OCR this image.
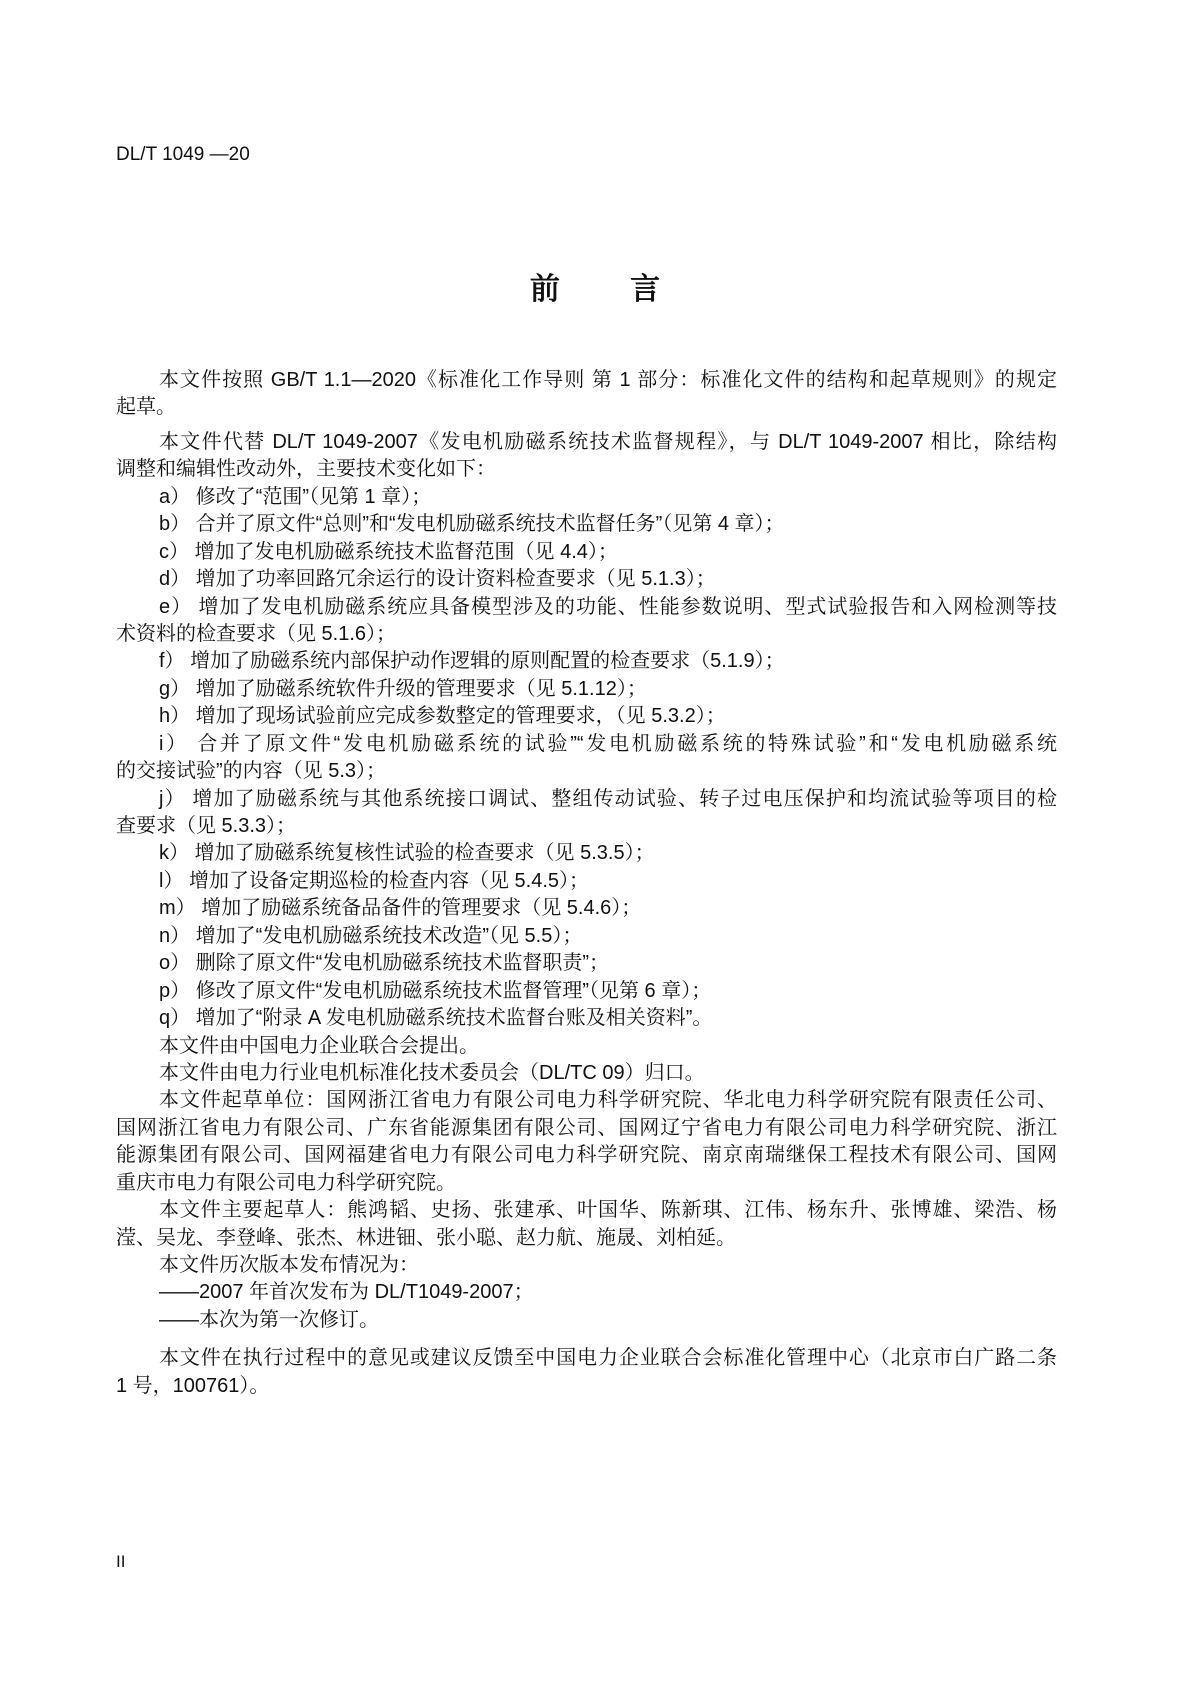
DL/T 1049 —20
前 言
本文件按照 GB/T 1.1—2020《标准化工作导则 第 1 部分：标准化文件的结构和起草规则》的规定
起草。
本文件代替 DL/T 1049-2007《发电机励磁系统技术监督规程》，与 DL/T 1049-2007 相比，除结构
调整和编辑性改动外，主要技术变化如下：
a） 修改了“范围”（见第 1 章）；
b） 合并了原文件“总则”和“发电机励磁系统技术监督任务”（见第 4 章）；
c） 增加了发电机励磁系统技术监督范围（见 4.4）；
d） 增加了功率回路冗余运行的设计资料检查要求（见 5.1.3）；
e） 增加了发电机励磁系统应具备模型涉及的功能、性能参数说明、型式试验报告和入网检测等技
术资料的检查要求（见 5.1.6）；
f） 增加了励磁系统内部保护动作逻辑的原则配置的检查要求（5.1.9）；
g） 增加了励磁系统软件升级的管理要求（见 5.1.12）；
h） 增加了现场试验前应完成参数整定的管理要求，（见 5.3.2）；
i） 合并了原文件“发电机励磁系统的试验”“发电机励磁系统的特殊试验”和“发电机励磁系统
的交接试验”的内容（见 5.3）；
j） 增加了励磁系统与其他系统接口调试、整组传动试验、转子过电压保护和均流试验等项目的检
查要求（见 5.3.3）；
k） 增加了励磁系统复核性试验的检查要求（见 5.3.5）；
l） 增加了设备定期巡检的检查内容（见 5.4.5）；
m） 增加了励磁系统备品备件的管理要求（见 5.4.6）；
n） 增加了“发电机励磁系统技术改造”（见 5.5）；
o） 删除了原文件“发电机励磁系统技术监督职责”；
p） 修改了原文件“发电机励磁系统技术监督管理”（见第 6 章）；
q） 增加了“附录 A 发电机励磁系统技术监督台账及相关资料”。
本文件由中国电力企业联合会提出。
本文件由电力行业电机标准化技术委员会（DL/TC 09）归口。
本文件起草单位：国网浙江省电力有限公司电力科学研究院、华北电力科学研究院有限责任公司、
国网浙江省电力有限公司、广东省能源集团有限公司、国网辽宁省电力有限公司电力科学研究院、浙江
能源集团有限公司、国网福建省电力有限公司电力科学研究院、南京南瑞继保工程技术有限公司、国网
重庆市电力有限公司电力科学研究院。
本文件主要起草人：熊鸿韬、史扬、张建承、叶国华、陈新琪、江伟、杨东升、张博雄、梁浩、杨
滢、吴龙、李登峰、张杰、林进钿、张小聪、赵力航、施晟、刘柏延。
本文件历次版本发布情况为：
——2007 年首次发布为 DL/T1049-2007；
——本次为第一次修订。
本文件在执行过程中的意见或建议反馈至中国电力企业联合会标准化管理中心（北京市白广路二条
1 号，100761）。
II
